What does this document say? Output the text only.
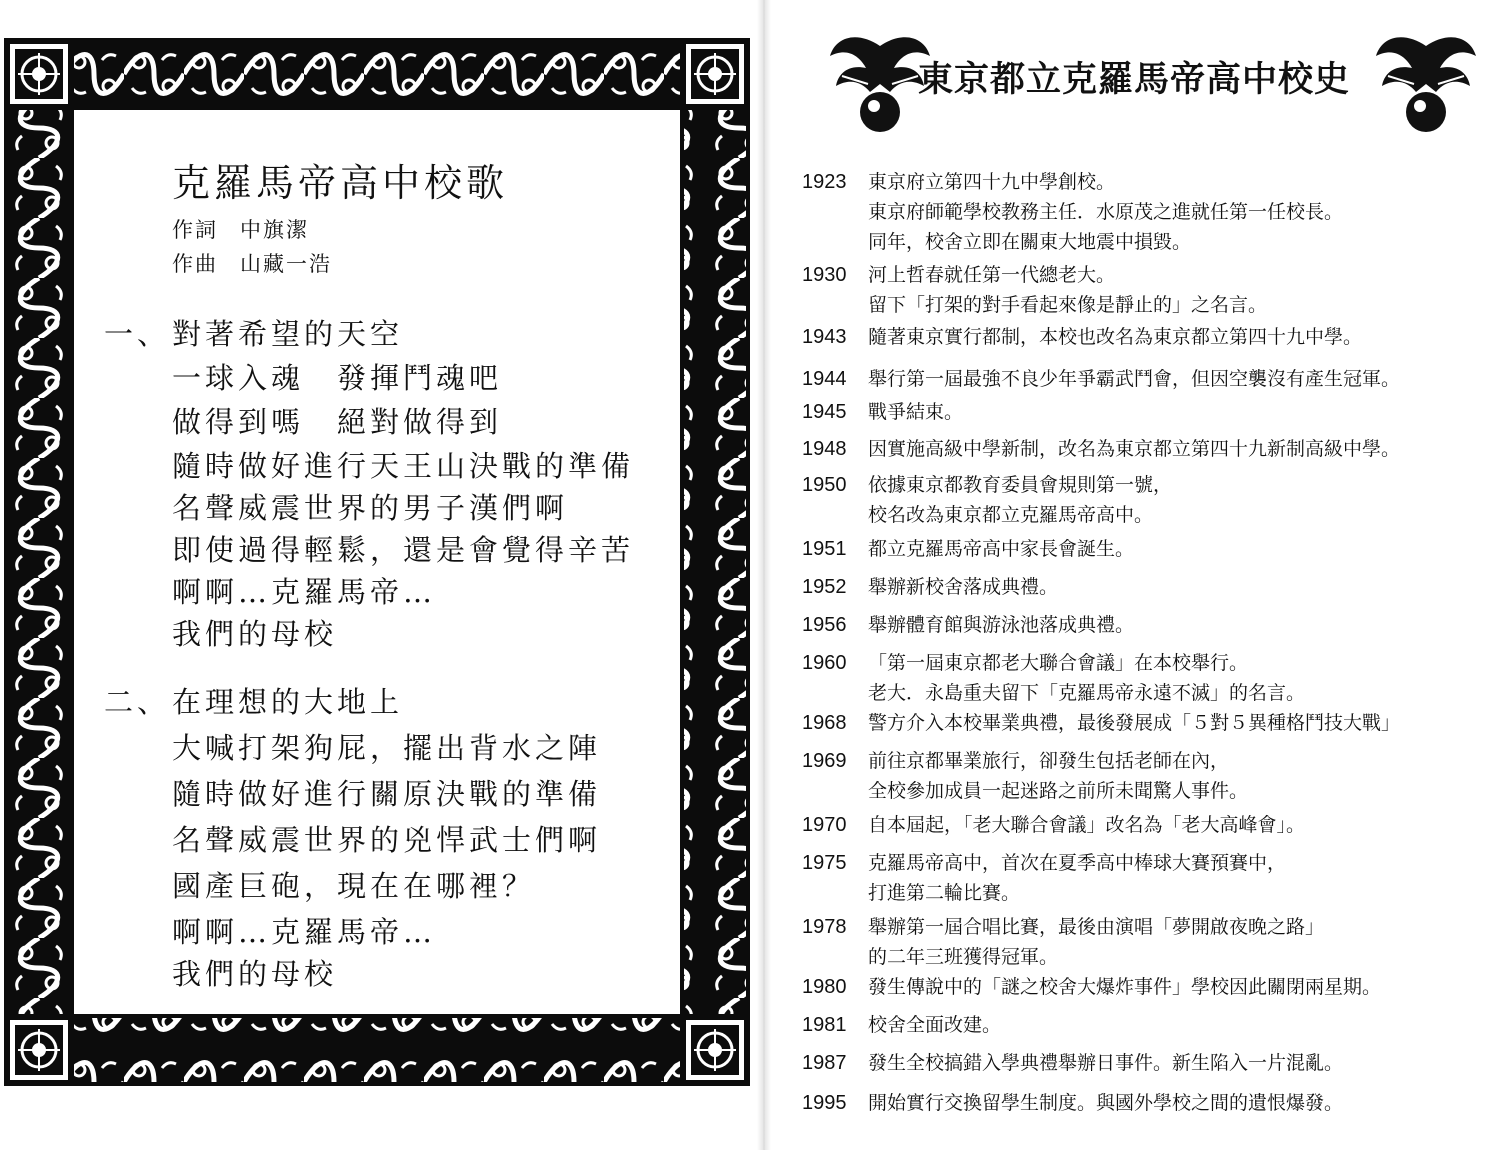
克羅馬帝高中校歌
作詞 中旗潔
作曲 山藏一浩
一、 對著希望的天空
一球入魂　發揮鬥魂吧
做得到嗎　絕對做得到
隨時做好進行天王山決戰的準備
名聲威震世界的男子漢們啊
即使過得輕鬆，還是會覺得辛苦
啊啊…克羅馬帝…
我們的母校
二、 在理想的大地上
大喊打架狗屁，擺出背水之陣
隨時做好進行關原決戰的準備
名聲威震世界的兇悍武士們啊
國產巨砲，現在在哪裡？
啊啊…克羅馬帝…
我們的母校
東京都立克羅馬帝高中校史
1923	東京府立第四十九中學創校。
東京府師範學校教務主任．水原茂之進就任第一任校長。
同年，校舍立即在關東大地震中損毀。
1930	河上哲春就任第一代總老大。
留下「打架的對手看起來像是靜止的」之名言。
1943	隨著東京實行都制，本校也改名為東京都立第四十九中學。
1944	舉行第一屆最強不良少年爭霸武鬥會，但因空襲沒有產生冠軍。
1945	戰爭結束。
1948	因實施高級中學新制，改名為東京都立第四十九新制高級中學。
1950	依據東京都教育委員會規則第一號，
校名改為東京都立克羅馬帝高中。
1951	都立克羅馬帝高中家長會誕生。
1952	舉辦新校舍落成典禮。
1956	舉辦體育館與游泳池落成典禮。
1960	「第一屆東京都老大聯合會議」在本校舉行。
老大．永島重夫留下「克羅馬帝永遠不滅」的名言。
1968	警方介入本校畢業典禮，最後發展成「５對５異種格鬥技大戰」
1969	前往京都畢業旅行，卻發生包括老師在內，
全校參加成員一起迷路之前所未聞驚人事件。
1970	自本屆起，「老大聯合會議」改名為「老大高峰會」。
1975	克羅馬帝高中，首次在夏季高中棒球大賽預賽中，
打進第二輪比賽。
1978	舉辦第一屆合唱比賽，最後由演唱「夢開啟夜晚之路」
的二年三班獲得冠軍。
1980	發生傳說中的「謎之校舍大爆炸事件」學校因此關閉兩星期。
1981	校舍全面改建。
1987	發生全校搞錯入學典禮舉辦日事件。新生陷入一片混亂。
1995	開始實行交換留學生制度。與國外學校之間的遺恨爆發。
